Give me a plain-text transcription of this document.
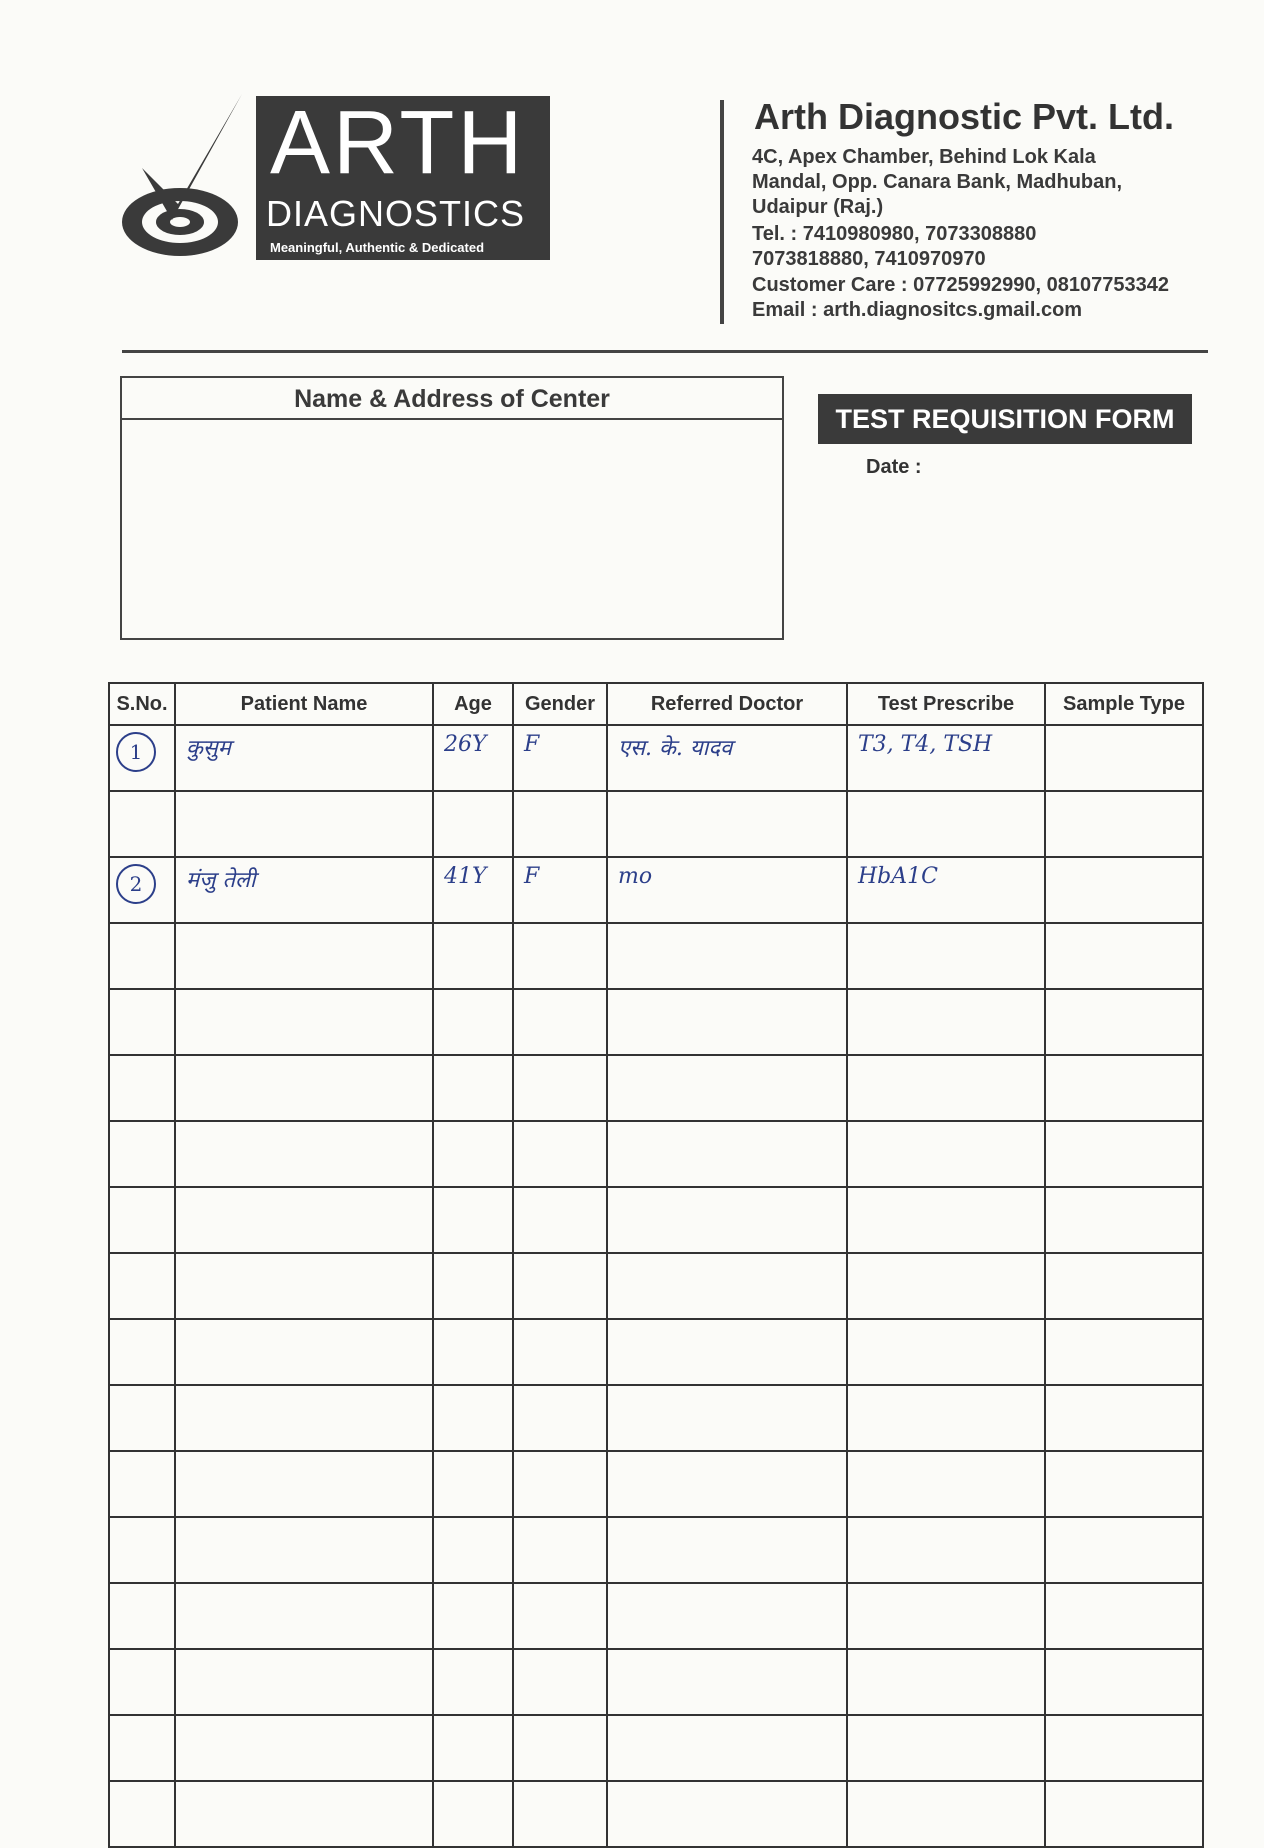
ARTH
DIAGNOSTICS
Meaningful, Authentic & Dedicated
Arth Diagnostic Pvt. Ltd.
4C, Apex Chamber, Behind Lok Kala
Mandal, Opp. Canara Bank, Madhuban,
Udaipur (Raj.)
Tel. : 7410980980, 7073308880
7073818880, 7410970970
Customer Care : 07725992990, 08107753342
Email : arth.diagnositcs.gmail.com
Name & Address of Center
TEST REQUISITION FORM
Date :
S.No.	Patient Name	Age	Gender	Referred Doctor	Test Prescribe	Sample Type
1	कुसुम	26Y	F	एस. के. यादव	T3, T4, TSH	

2	मंजु तेली	41Y	F	mo	HbA1C	
